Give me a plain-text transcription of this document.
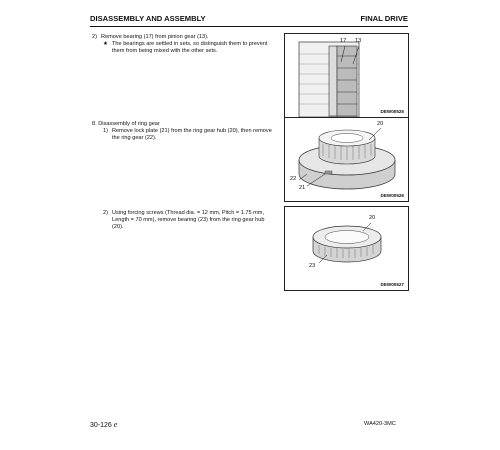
DISASSEMBLY AND ASSEMBLY	FINAL DRIVE
2) Remove bearing (17) from pinion gear (13).
★ The bearings are settled in sets, so distinguish them to prevent them from being mixed with the other sets.
17 13
DEW00525
8. Disassembly of ring gear
1) Remove lock plate (21) from the ring gear hub (20), then remove the ring gear (22).
20
22
21
DEW00526
2) Using forcing screws (Thread dia. = 12 mm, Pitch = 1.75 mm, Length = 70 mm), remove bearing (23) from the ring gear hub (20).
20
23
DEW00527
30-126 e	WA420-3MC
